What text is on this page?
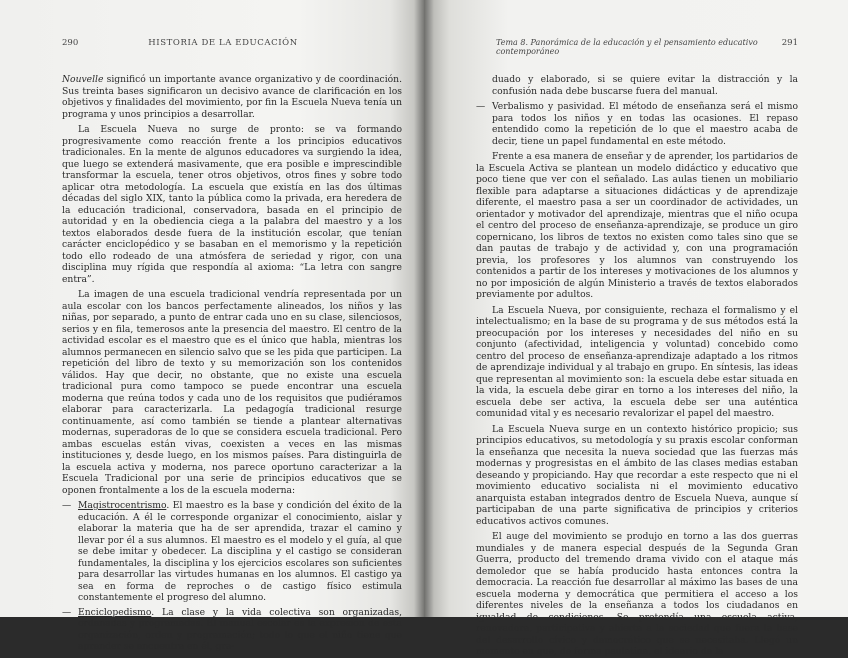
290	HISTORIA DE LA EDUCACIÓN

Nouvelle significó un importante avance organizativo y de coordinación. Sus treinta bases significaron un decisivo avance de clarificación en los objetivos y finalidades del movimiento, por fin la Escuela Nueva tenía un programa y unos principios a desarrollar.

La Escuela Nueva no surge de pronto: se va formando progresivamente como reacción frente a los principios educativos tradicionales. En la mente de algunos educadores va surgiendo la idea, que luego se extenderá masivamente, que era posible e imprescindible transformar la escuela, tener otros objetivos, otros fines y sobre todo aplicar otra metodología. La escuela que existía en las dos últimas décadas del siglo XIX, tanto la pública como la privada, era heredera de la educación tradicional, conservadora, basada en el principio de autoridad y en la obediencia ciega a la palabra del maestro y a los textos elaborados desde fuera de la institución escolar, que tenían carácter enciclopédico y se basaban en el memorismo y la repetición todo ello rodeado de una atmósfera de seriedad y rigor, con una disciplina muy rígida que respondía al axioma: “La letra con sangre entra”.

La imagen de una escuela tradicional vendría representada por un aula escolar con los bancos perfectamente alineados, los niños y las niñas, por separado, a punto de entrar cada uno en su clase, silenciosos, serios y en fila, temerosos ante la presencia del maestro. El centro de la actividad escolar es el maestro que es el único que habla, mientras los alumnos permanecen en silencio salvo que se les pida que participen. La repetición del libro de texto y su memorización son los contenidos válidos. Hay que decir, no obstante, que no existe una escuela tradicional pura como tampoco se puede encontrar una escuela moderna que reúna todos y cada uno de los requisitos que pudiéramos elaborar para caracterizarla. La pedagogía tradicional resurge continuamente, así como también se tiende a plantear alternativas modernas, superadoras de lo que se considera escuela tradicional. Pero ambas escuelas están vivas, coexisten a veces en las mismas instituciones y, desde luego, en los mismos países. Para distinguirla de la escuela activa y moderna, nos parece oportuno caracterizar a la Escuela Tradicional por una serie de principios educativos que se oponen frontalmente a los de la escuela moderna:

— Magistrocentrismo. El maestro es la base y condición del éxito de la educación. A él le corresponde organizar el conocimiento, aislar y elaborar la materia que ha de ser aprendida, trazar el camino y llevar por él a sus alumnos. El maestro es el modelo y el guía, al que se debe imitar y obedecer. La disciplina y el castigo se consideran fundamentales, la disciplina y los ejercicios escolares son suficientes para desarrollar las virtudes humanas en los alumnos. El castigo ya sea en forma de reproches o de castigo físico estimula constantemente el progreso del alumno.
— Enciclopedismo. La clase y la vida colectiva son organizadas, ordenadas y programadas. El manual escolar es la expresión de esta organización, orden y programación; todo lo que el niño tiene que aprender se encuentra en él, gra-
Tema 8. Panorámica de la educación y el pensamiento educativo contemporáneo
291

duado y elaborado, si se quiere evitar la distracción y la confusión nada debe buscarse fuera del manual.

— Verbalismo y pasividad. El método de enseñanza será el mismo para todos los niños y en todas las ocasiones. El repaso entendido como la repetición de lo que el maestro acaba de decir, tiene un papel fundamental en este método.

Frente a esa manera de enseñar y de aprender, los partidarios de la Escuela Activa se plantean un modelo didáctico y educativo que poco tiene que ver con el señalado. Las aulas tienen un mobiliario flexible para adaptarse a situaciones didácticas y de aprendizaje diferente, el maestro pasa a ser un coordinador de actividades, un orientador y motivador del aprendizaje, mientras que el niño ocupa el centro del proceso de enseñanza-aprendizaje, se produce un giro copernicano, los libros de textos no existen como tales sino que se dan pautas de trabajo y de actividad y, con una programación previa, los profesores y los alumnos van construyendo los contenidos a partir de los intereses y motivaciones de los alumnos y no por imposición de algún Ministerio a través de textos elaborados previamente por adultos.

La Escuela Nueva, por consiguiente, rechaza el formalismo y el intelectualismo; en la base de su programa y de sus métodos está la preocupación por los intereses y necesidades del niño en su conjunto (afectividad, inteligencia y voluntad) concebido como centro del proceso de enseñanza-aprendizaje adaptado a los ritmos de aprendizaje individual y al trabajo en grupo. En síntesis, las ideas que representan al movimiento son: la escuela debe estar situada en la vida, la escuela debe girar en torno a los intereses del niño, la escuela debe ser activa, la escuela debe ser una auténtica comunidad vital y es necesario revalorizar el papel del maestro.

La Escuela Nueva surge en un contexto histórico propicio; sus principios educativos, su metodología y su praxis escolar conforman la enseñanza que necesita la nueva sociedad que las fuerzas más modernas y progresistas en el ámbito de las clases medias estaban deseando y propiciando. Hay que recordar a este respecto que ni el movimiento educativo socialista ni el movimiento educativo anarquista estaban integrados dentro de Escuela Nueva, aunque sí participaban de una parte significativa de principios y criterios educativos activos comunes.

El auge del movimiento se produjo en torno a las dos guerras mundiales y de manera especial después de la Segunda Gran Guerra, producto del tremendo drama vivido con el ataque más demoledor que se había producido hasta entonces contra la democracia. La reacción fue desarrollar al máximo las bases de una escuela moderna y democrática que permitiera el acceso a los diferentes niveles de la enseñanza a todos los ciudadanos en igualdad de condiciones. Se pretendía una escuela activa, renovadora, participativa y abierta a la sociedad que fuera la base del desarrollo cívico y democrático que se necesitaba. Llegó un momento en que, de forma paulatina, el ideario de la
